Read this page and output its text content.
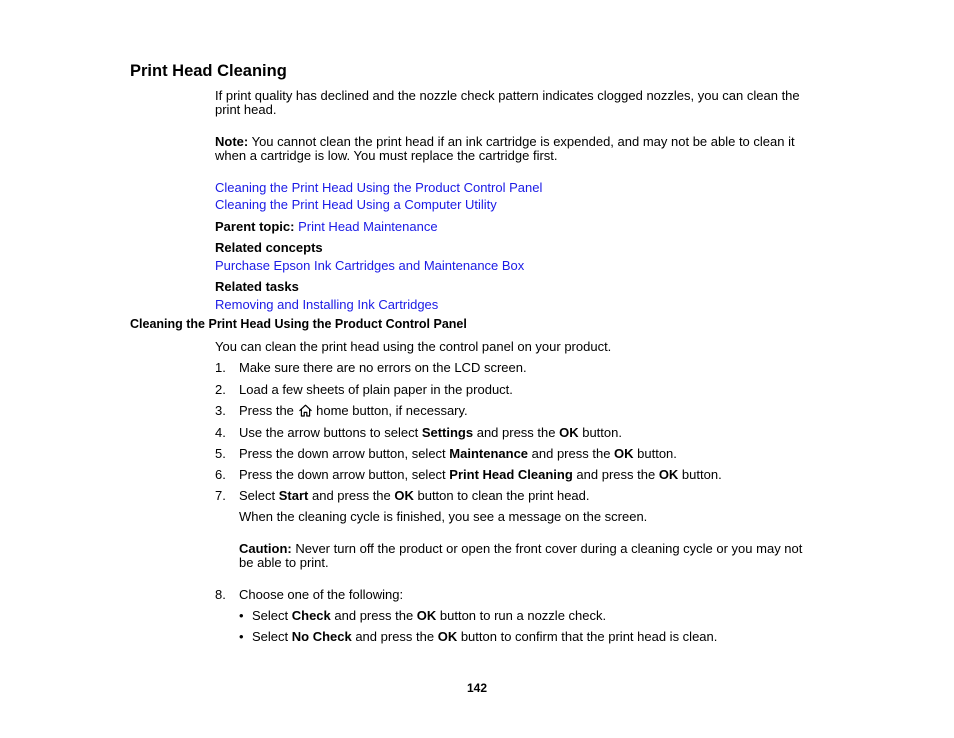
Print Head Cleaning
If print quality has declined and the nozzle check pattern indicates clogged nozzles, you can clean the
print head.
Note: You cannot clean the print head if an ink cartridge is expended, and may not be able to clean it
when a cartridge is low. You must replace the cartridge first.
Cleaning the Print Head Using the Product Control Panel
Cleaning the Print Head Using a Computer Utility
Parent topic: Print Head Maintenance
Related concepts
Purchase Epson Ink Cartridges and Maintenance Box
Related tasks
Removing and Installing Ink Cartridges
Cleaning the Print Head Using the Product Control Panel
You can clean the print head using the control panel on your product.
1. Make sure there are no errors on the LCD screen.
2. Load a few sheets of plain paper in the product.
3. Press the  home button, if necessary.
4. Use the arrow buttons to select Settings and press the OK button.
5. Press the down arrow button, select Maintenance and press the OK button.
6. Press the down arrow button, select Print Head Cleaning and press the OK button.
7. Select Start and press the OK button to clean the print head.
When the cleaning cycle is finished, you see a message on the screen.
Caution: Never turn off the product or open the front cover during a cleaning cycle or you may not
be able to print.
8. Choose one of the following:
• Select Check and press the OK button to run a nozzle check.
• Select No Check and press the OK button to confirm that the print head is clean.
142
